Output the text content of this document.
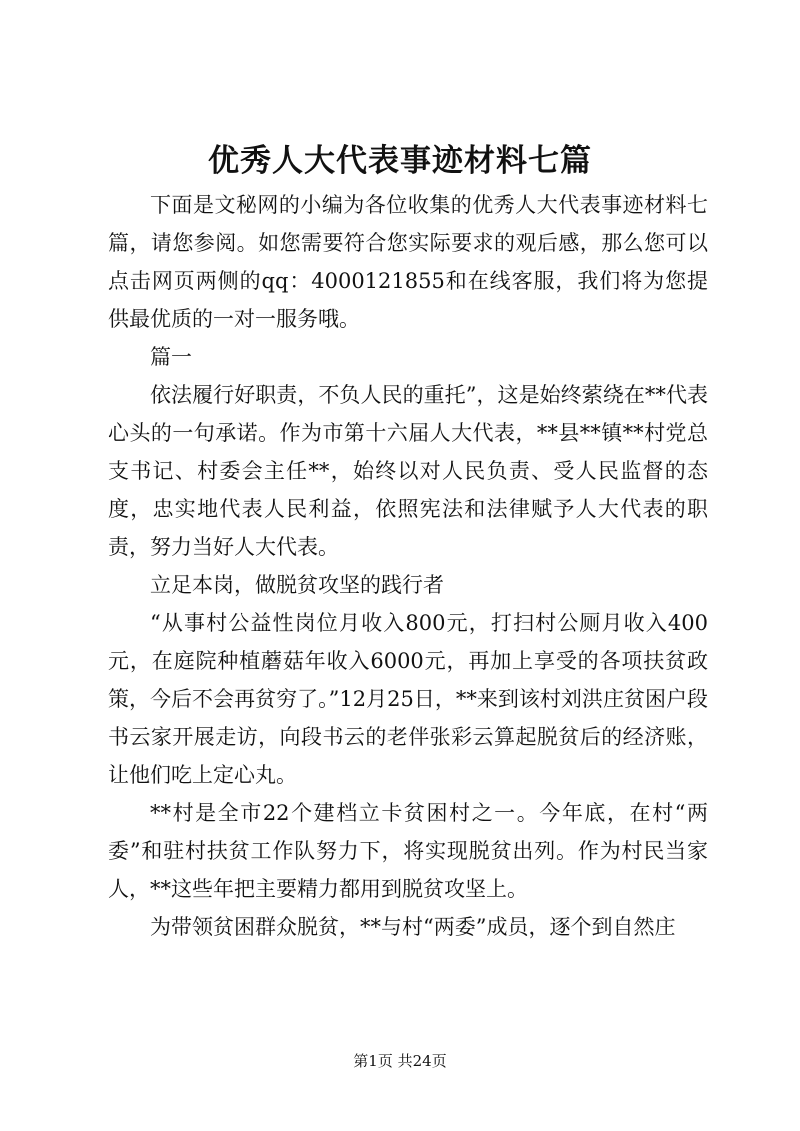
优秀人大代表事迹材料七篇

下面是文秘网的小编为各位收集的优秀人大代表事迹材料七篇，请您参阅。如您需要符合您实际要求的观后感，那么您可以点击网页两侧的qq：4000121855和在线客服，我们将为您提供最优质的一对一服务哦。

篇一

依法履行好职责，不负人民的重托”，这是始终萦绕在**代表心头的一句承诺。作为市第十六届人大代表，**县**镇**村党总支书记、村委会主任**，始终以对人民负责、受人民监督的态度，忠实地代表人民利益，依照宪法和法律赋予人大代表的职责，努力当好人大代表。

立足本岗，做脱贫攻坚的践行者

“从事村公益性岗位月收入800元，打扫村公厕月收入400元，在庭院种植蘑菇年收入6000元，再加上享受的各项扶贫政策，今后不会再贫穷了。”12月25日，**来到该村刘洪庄贫困户段书云家开展走访，向段书云的老伴张彩云算起脱贫后的经济账，让他们吃上定心丸。

**村是全市22个建档立卡贫困村之一。今年底，在村“两委”和驻村扶贫工作队努力下，将实现脱贫出列。作为村民当家人，**这些年把主要精力都用到脱贫攻坚上。

为带领贫困群众脱贫，**与村“两委”成员，逐个到自然庄

第1页 共24页
